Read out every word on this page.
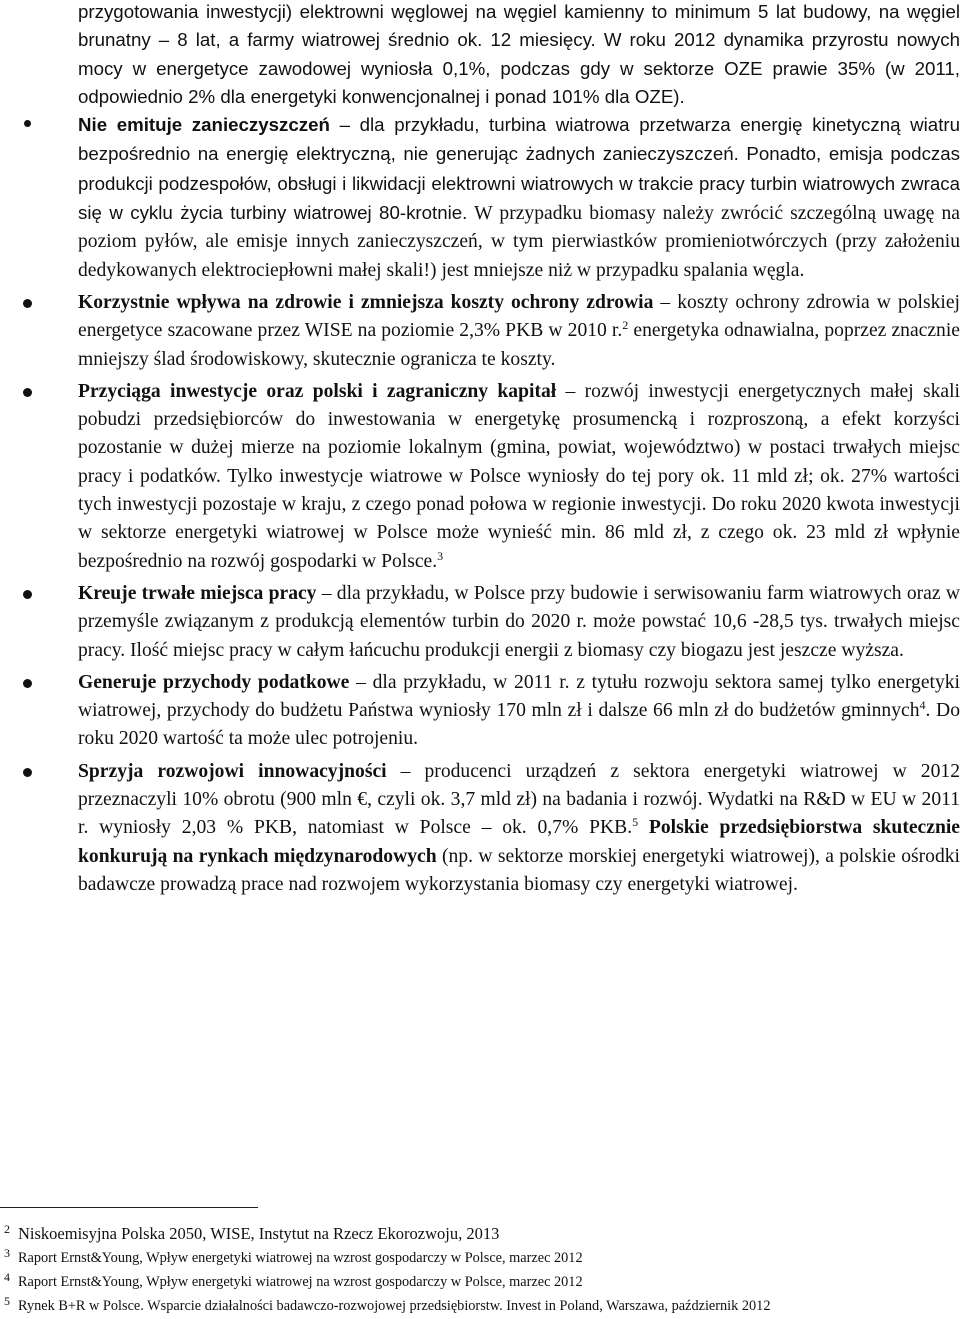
przygotowania inwestycji) elektrowni węglowej na węgiel kamienny to minimum 5 lat budowy, na węgiel brunatny – 8 lat, a farmy wiatrowej średnio ok. 12 miesięcy. W roku 2012 dynamika przyrostu nowych mocy w energetyce zawodowej wyniosła 0,1%, podczas gdy w sektorze OZE prawie 35% (w 2011, odpowiednio 2% dla energetyki konwencjonalnej i ponad 101% dla OZE).

Nie emituje zanieczyszczeń – dla przykładu, turbina wiatrowa przetwarza energię kinetyczną wiatru bezpośrednio na energię elektryczną, nie generując żadnych zanieczyszczeń. Ponadto, emisja podczas produkcji podzespołów, obsługi i likwidacji elektrowni wiatrowych w trakcie pracy turbin wiatrowych zwraca się w cyklu życia turbiny wiatrowej 80-krotnie. W przypadku biomasy należy zwrócić szczególną uwagę na poziom pyłów, ale emisje innych zanieczyszczeń, w tym pierwiastków promieniotwórczych (przy założeniu dedykowanych elektrociepłowni małej skali!) jest mniejsze niż w przypadku spalania węgla.
Korzystnie wpływa na zdrowie i zmniejsza koszty ochrony zdrowia – koszty ochrony zdrowia w polskiej energetyce szacowane przez WISE na poziomie 2,3% PKB w 2010 r.$^2$ energetyka odnawialna, poprzez znacznie mniejszy ślad środowiskowy, skutecznie ogranicza te koszty.
Przyciąga inwestycje oraz polski i zagraniczny kapitał – rozwój inwestycji energetycznych małej skali pobudzi przedsiębiorców do inwestowania w energetykę prosumencką i rozproszoną, a efekt korzyści pozostanie w dużej mierze na poziomie lokalnym (gmina, powiat, województwo) w postaci trwałych miejsc pracy i podatków. Tylko inwestycje wiatrowe w Polsce wyniosły do tej pory ok. 11 mld zł; ok. 27% wartości tych inwestycji pozostaje w kraju, z czego ponad połowa w regionie inwestycji. Do roku 2020 kwota inwestycji w sektorze energetyki wiatrowej w Polsce może wynieść min. 86 mld zł, z czego ok. 23 mld zł wpłynie bezpośrednio na rozwój gospodarki w Polsce.$^3$
Kreuje trwałe miejsca pracy – dla przykładu, w Polsce przy budowie i serwisowaniu farm wiatrowych oraz w przemyśle związanym z produkcją elementów turbin do 2020 r. może powstać 10,6 -28,5 tys. trwałych miejsc pracy. Ilość miejsc pracy w całym łańcuchu produkcji energii z biomasy czy biogazu jest jeszcze wyższa.
Generuje przychody podatkowe – dla przykładu, w 2011 r. z tytułu rozwoju sektora samej tylko energetyki wiatrowej, przychody do budżetu Państwa wyniosły 170 mln zł i dalsze 66 mln zł do budżetów gminnych$^4$. Do roku 2020 wartość ta może ulec potrojeniu.
Sprzyja rozwojowi innowacyjności – producenci urządzeń z sektora energetyki wiatrowej w 2012 przeznaczyli 10% obrotu (900 mln €, czyli ok. 3,7 mld zł) na badania i rozwój. Wydatki na R&D w EU w 2011 r. wyniosły 2,03 % PKB, natomiast w Polsce – ok. 0,7% PKB.$^5$ Polskie przedsiębiorstwa skutecznie konkurują na rynkach międzynarodowych (np. w sektorze morskiej energetyki wiatrowej), a polskie ośrodki badawcze prowadzą prace nad rozwojem wykorzystania biomasy czy energetyki wiatrowej.
2 Niskoemisyjna Polska 2050, WISE, Instytut na Rzecz Ekorozwoju, 2013
3 Raport Ernst&Young, Wpływ energetyki wiatrowej na wzrost gospodarczy w Polsce, marzec 2012
4 Raport Ernst&Young, Wpływ energetyki wiatrowej na wzrost gospodarczy w Polsce, marzec 2012
5 Rynek B+R w Polsce. Wsparcie działalności badawczo-rozwojowej przedsiębiorstw. Invest in Poland, Warszawa, październik 2012
